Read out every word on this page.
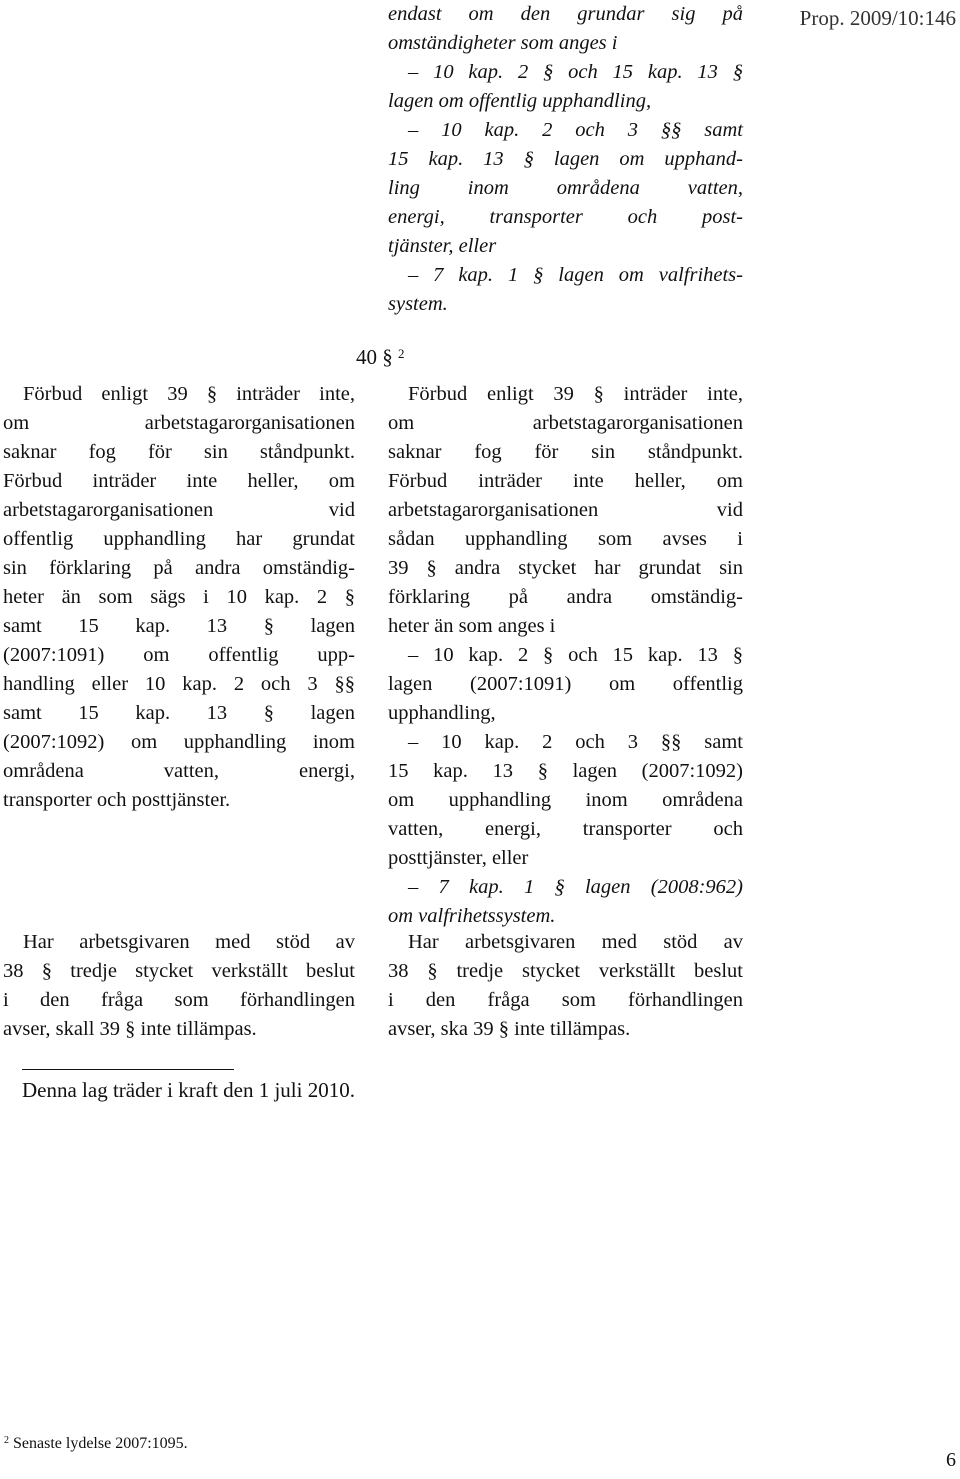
Prop. 2009/10:146
endast om den grundar sig på
omständigheter som anges i
– 10 kap. 2 § och 15 kap. 13 §
lagen om offentlig upphandling,
– 10 kap. 2 och 3 §§ samt
15 kap. 13 § lagen om upphand-
ling inom områdena vatten,
energi, transporter och post-
tjänster, eller
– 7 kap. 1 § lagen om valfrihets-
system.
40 § $^2$
Förbud enligt 39 § inträder inte,
om arbetstagarorganisationen
saknar fog för sin ståndpunkt.
Förbud inträder inte heller, om
arbetstagarorganisationen vid
offentlig upphandling har grundat
sin förklaring på andra omständig-
heter än som sägs i 10 kap. 2 §
samt 15 kap. 13 § lagen
(2007:1091) om offentlig upp-
handling eller 10 kap. 2 och 3 §§
samt 15 kap. 13 § lagen
(2007:1092) om upphandling inom
områdena vatten, energi,
transporter och posttjänster.
Har arbetsgivaren med stöd av
38 § tredje stycket verkställt beslut
i den fråga som förhandlingen
avser, skall 39 § inte tillämpas.
Förbud enligt 39 § inträder inte,
om arbetstagarorganisationen
saknar fog för sin ståndpunkt.
Förbud inträder inte heller, om
arbetstagarorganisationen vid
sådan upphandling som avses i
39 § andra stycket har grundat sin
förklaring på andra omständig-
heter än som anges i
– 10 kap. 2 § och 15 kap. 13 §
lagen (2007:1091) om offentlig
upphandling,
– 10 kap. 2 och 3 §§ samt
15 kap. 13 § lagen (2007:1092)
om upphandling inom områdena
vatten, energi, transporter och
posttjänster, eller
– 7 kap. 1 § lagen (2008:962)
om valfrihetssystem.
Har arbetsgivaren med stöd av
38 § tredje stycket verkställt beslut
i den fråga som förhandlingen
avser, ska 39 § inte tillämpas.
Denna lag träder i kraft den 1 juli 2010.
$^2$ Senaste lydelse 2007:1095.
6
